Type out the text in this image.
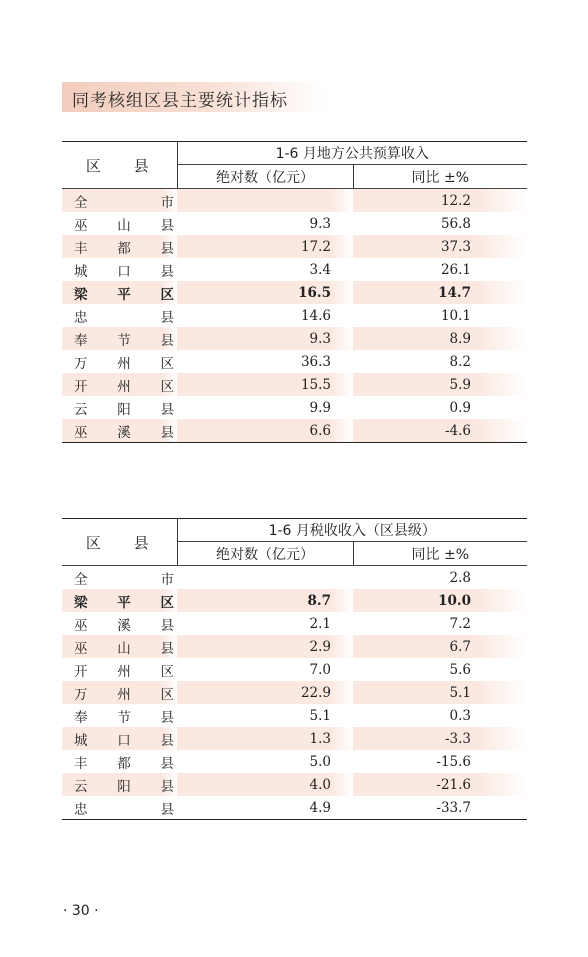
同考核组区县主要统计指标
区 县	1-6 月地方公共预算收入	
	绝对数（亿元）	同比 ±%
全市		12.2
巫山县	9.3	56.8
丰都县	17.2	37.3
城口县	3.4	26.1
梁平区	16.5	14.7
忠县	14.6	10.1
奉节县	9.3	8.9
万州区	36.3	8.2
开州区	15.5	5.9
云阳县	9.9	0.9
巫溪县	6.6	-4.6
区 县	1-6 月税收收入（区县级）	
	绝对数（亿元）	同比 ±%
全市		2.8
梁平区	8.7	10.0
巫溪县	2.1	7.2
巫山县	2.9	6.7
开州区	7.0	5.6
万州区	22.9	5.1
奉节县	5.1	0.3
城口县	1.3	-3.3
丰都县	5.0	-15.6
云阳县	4.0	-21.6
忠县	4.9	-33.7
· 30 ·
